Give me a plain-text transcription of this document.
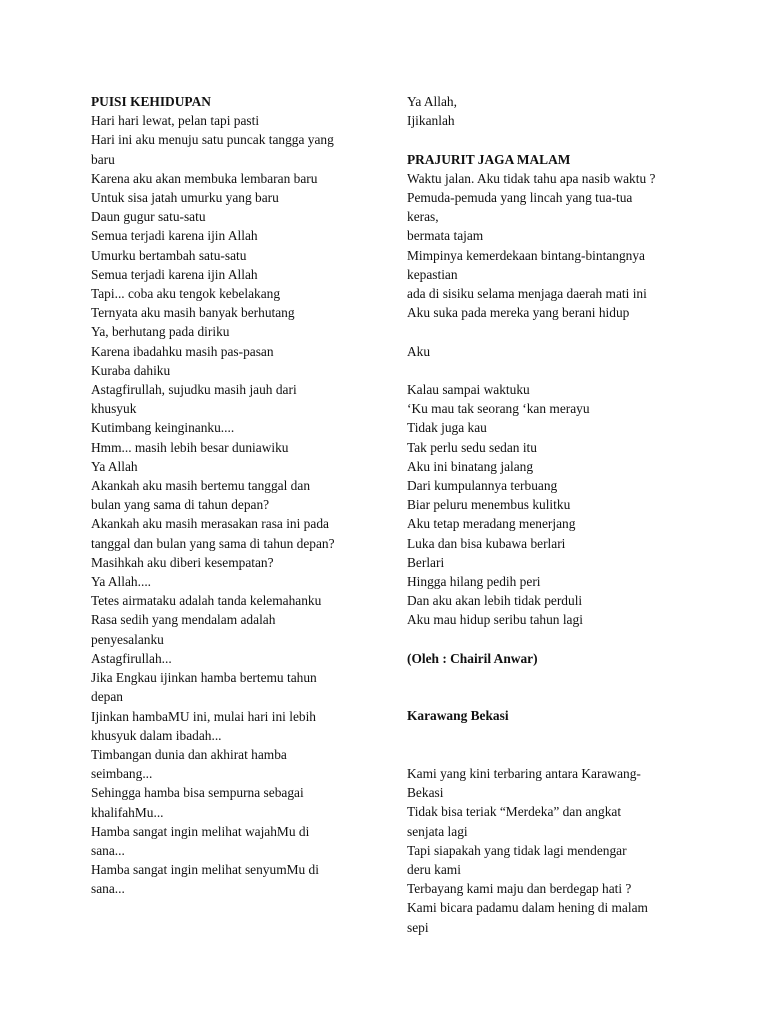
PUISI KEHIDUPAN

Hari hari lewat, pelan tapi pasti

Hari ini aku menuju satu puncak tangga yang

baru

Karena aku akan membuka lembaran baru

Untuk sisa jatah umurku yang baru

Daun gugur satu-satu

Semua terjadi karena ijin Allah

Umurku bertambah satu-satu

Semua terjadi karena ijin Allah

Tapi... coba aku tengok kebelakang

Ternyata aku masih banyak berhutang

Ya, berhutang pada diriku

Karena ibadahku masih pas-pasan

Kuraba dahiku

Astagfirullah, sujudku masih jauh dari

khusyuk

Kutimbang keinginanku....

Hmm... masih lebih besar duniawiku

Ya Allah

Akankah aku masih bertemu tanggal dan

bulan yang sama di tahun depan?

Akankah aku masih merasakan rasa ini pada

tanggal dan bulan yang sama di tahun depan?

Masihkah aku diberi kesempatan?

Ya Allah....

Tetes airmataku adalah tanda kelemahanku

Rasa sedih yang mendalam adalah

penyesalanku

Astagfirullah...

Jika Engkau ijinkan hamba bertemu tahun

depan

Ijinkan hambaMU ini, mulai hari ini lebih

khusyuk dalam ibadah...

Timbangan dunia dan akhirat hamba

seimbang...

Sehingga hamba bisa sempurna sebagai

khalifahMu...

Hamba sangat ingin melihat wajahMu di

sana...

Hamba sangat ingin melihat senyumMu di

sana...

Ya Allah,

Ijikanlah

PRAJURIT JAGA MALAM

Waktu jalan. Aku tidak tahu apa nasib waktu ?

Pemuda-pemuda yang lincah yang tua-tua

keras,

bermata tajam

Mimpinya kemerdekaan bintang-bintangnya

kepastian

ada di sisiku selama menjaga daerah mati ini

Aku suka pada mereka yang berani hidup

Aku

Kalau sampai waktuku

‘Ku mau tak seorang ‘kan merayu

Tidak juga kau

Tak perlu sedu sedan itu

Aku ini binatang jalang

Dari kumpulannya terbuang

Biar peluru menembus kulitku

Aku tetap meradang menerjang

Luka dan bisa kubawa berlari

Berlari

Hingga hilang pedih peri

Dan aku akan lebih tidak perduli

Aku mau hidup seribu tahun lagi

(Oleh : Chairil Anwar)

Karawang Bekasi

Kami yang kini terbaring antara Karawang-

Bekasi

Tidak bisa teriak “Merdeka” dan angkat

senjata lagi

Tapi siapakah yang tidak lagi mendengar

deru kami

Terbayang kami maju dan berdegap hati ?

Kami bicara padamu dalam hening di malam

sepi
